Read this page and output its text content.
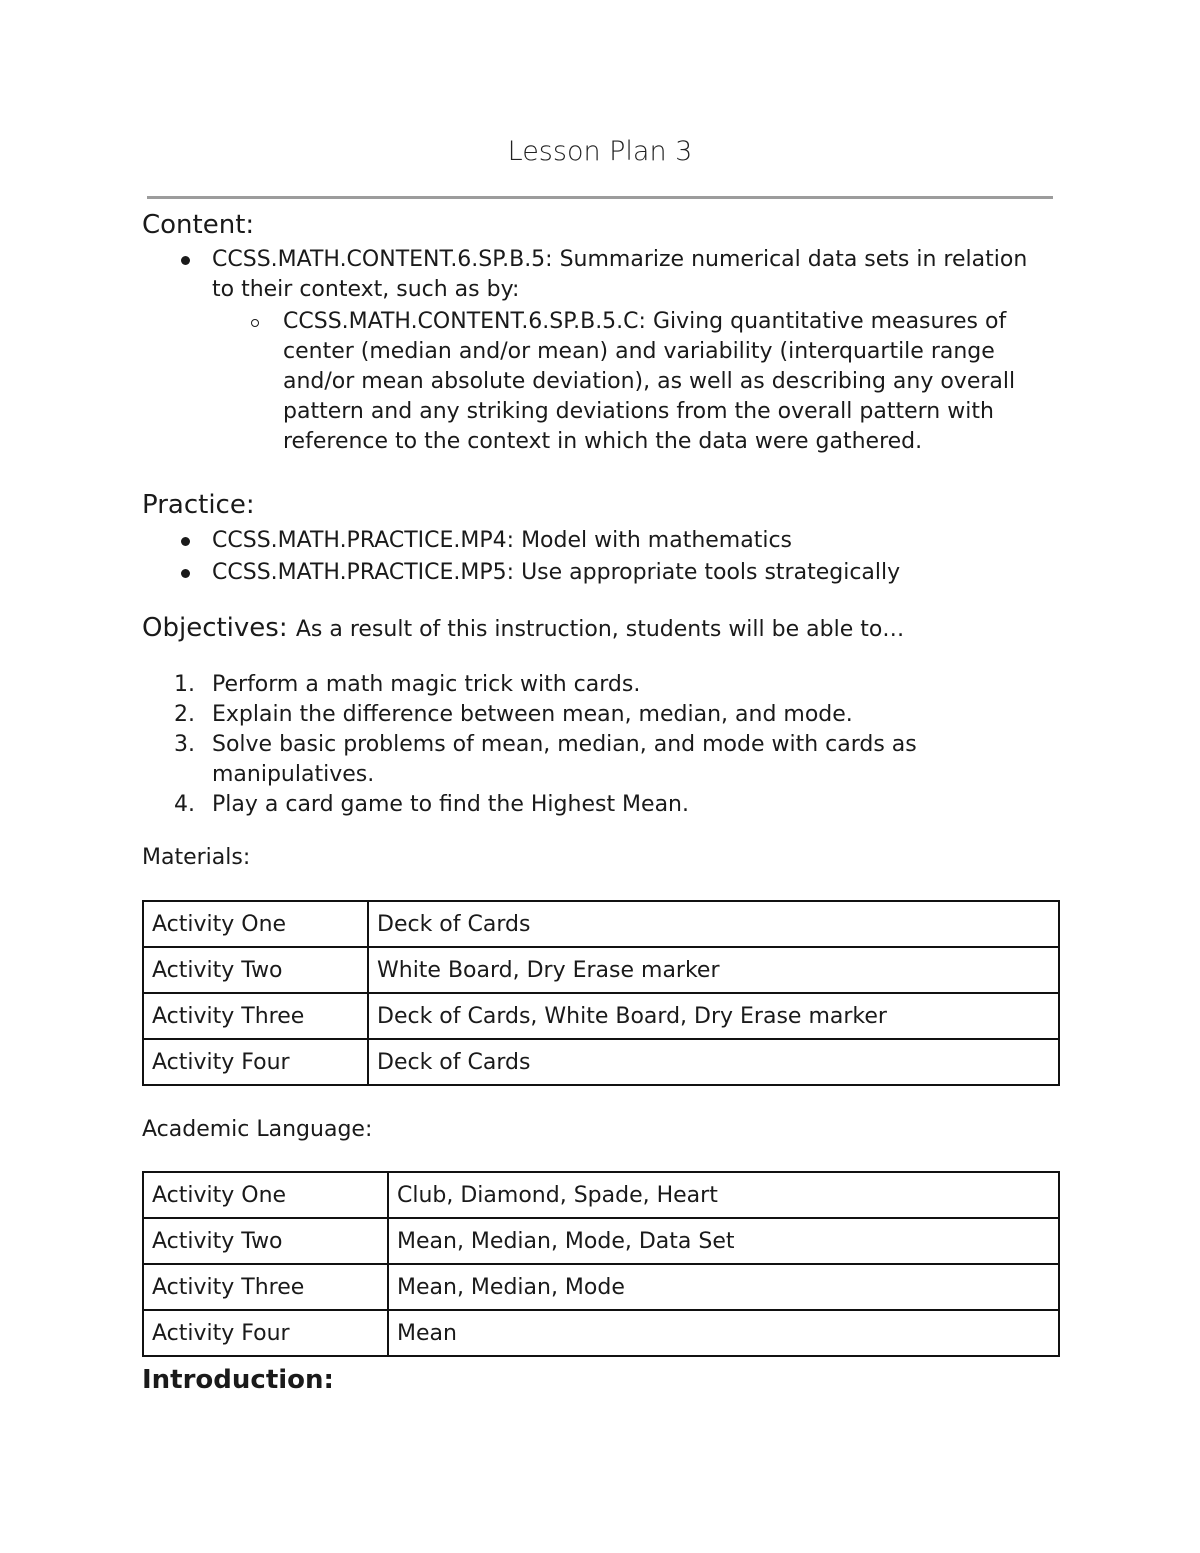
Lesson Plan 3
Content:
CCSS.MATH.CONTENT.6.SP.B.5: Summarize numerical data sets in relation to their context, such as by:
CCSS.MATH.CONTENT.6.SP.B.5.C: Giving quantitative measures of center (median and/or mean) and variability (interquartile range and/or mean absolute deviation), as well as describing any overall pattern and any striking deviations from the overall pattern with reference to the context in which the data were gathered.
Practice:
CCSS.MATH.PRACTICE.MP4: Model with mathematics
CCSS.MATH.PRACTICE.MP5: Use appropriate tools strategically
Objectives: As a result of this instruction, students will be able to…
1. Perform a math magic trick with cards.
2. Explain the difference between mean, median, and mode.
3. Solve basic problems of mean, median, and mode with cards as manipulatives.
4. Play a card game to find the Highest Mean.
Materials:
Activity One	Deck of Cards
Activity Two	White Board, Dry Erase marker
Activity Three	Deck of Cards, White Board, Dry Erase marker
Activity Four	Deck of Cards
Academic Language:
Activity One	Club, Diamond, Spade, Heart
Activity Two	Mean, Median, Mode, Data Set
Activity Three	Mean, Median, Mode
Activity Four	Mean
Introduction:
